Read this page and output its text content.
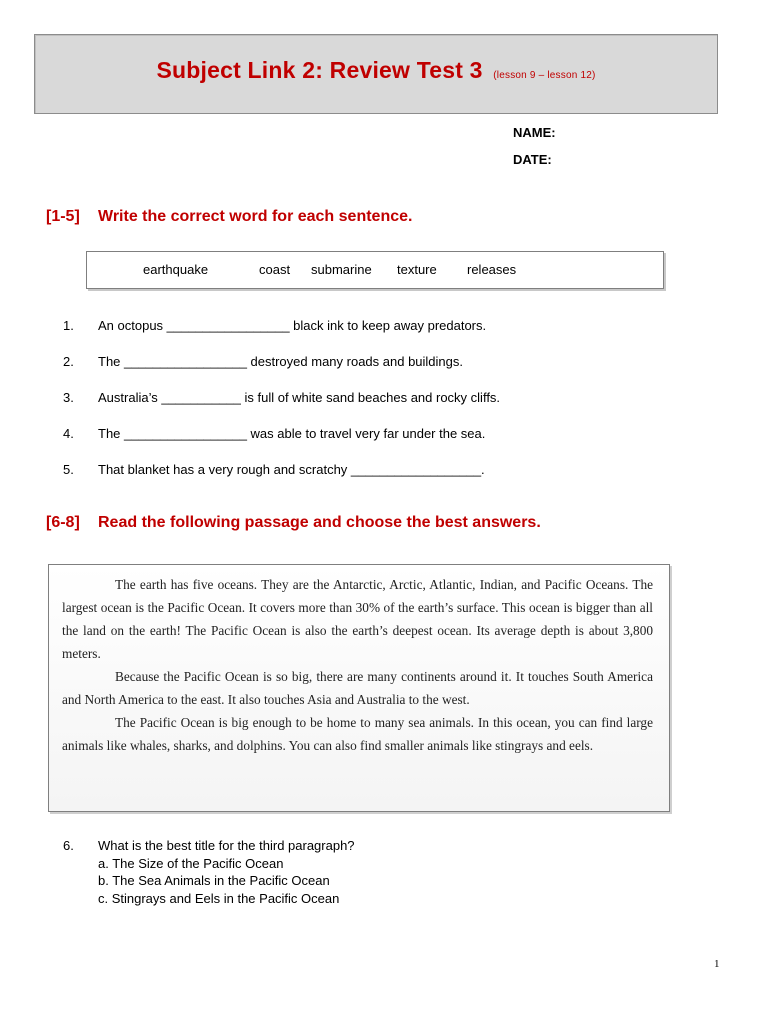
Subject Link 2: Review Test 3 (lesson 9 – lesson 12)
NAME:
DATE:
[1-5] Write the correct word for each sentence.
earthquake	coast submarine texture releases
1. An octopus _________________ black ink to keep away predators.
2. The _________________ destroyed many roads and buildings.
3. Australia’s ___________ is full of white sand beaches and rocky cliffs.
4. The _________________ was able to travel very far under the sea.
5. That blanket has a very rough and scratchy __________________.
[6-8] Read the following passage and choose the best answers.

The earth has five oceans. They are the Antarctic, Arctic, Atlantic, Indian, and Pacific Oceans. The largest ocean is the Pacific Ocean. It covers more than 30% of the earth’s surface. This ocean is bigger than all the land on the earth! The Pacific Ocean is also the earth’s deepest ocean. Its average depth is about 3,800 meters.

Because the Pacific Ocean is so big, there are many continents around it. It touches South America and North America to the east. It also touches Asia and Australia to the west.

The Pacific Ocean is big enough to be home to many sea animals. In this ocean, you can find large animals like whales, sharks, and dolphins. You can also find smaller animals like stingrays and eels.

6. What is the best title for the third paragraph?
a. The Size of the Pacific Ocean
b. The Sea Animals in the Pacific Ocean
c. Stingrays and Eels in the Pacific Ocean
1
